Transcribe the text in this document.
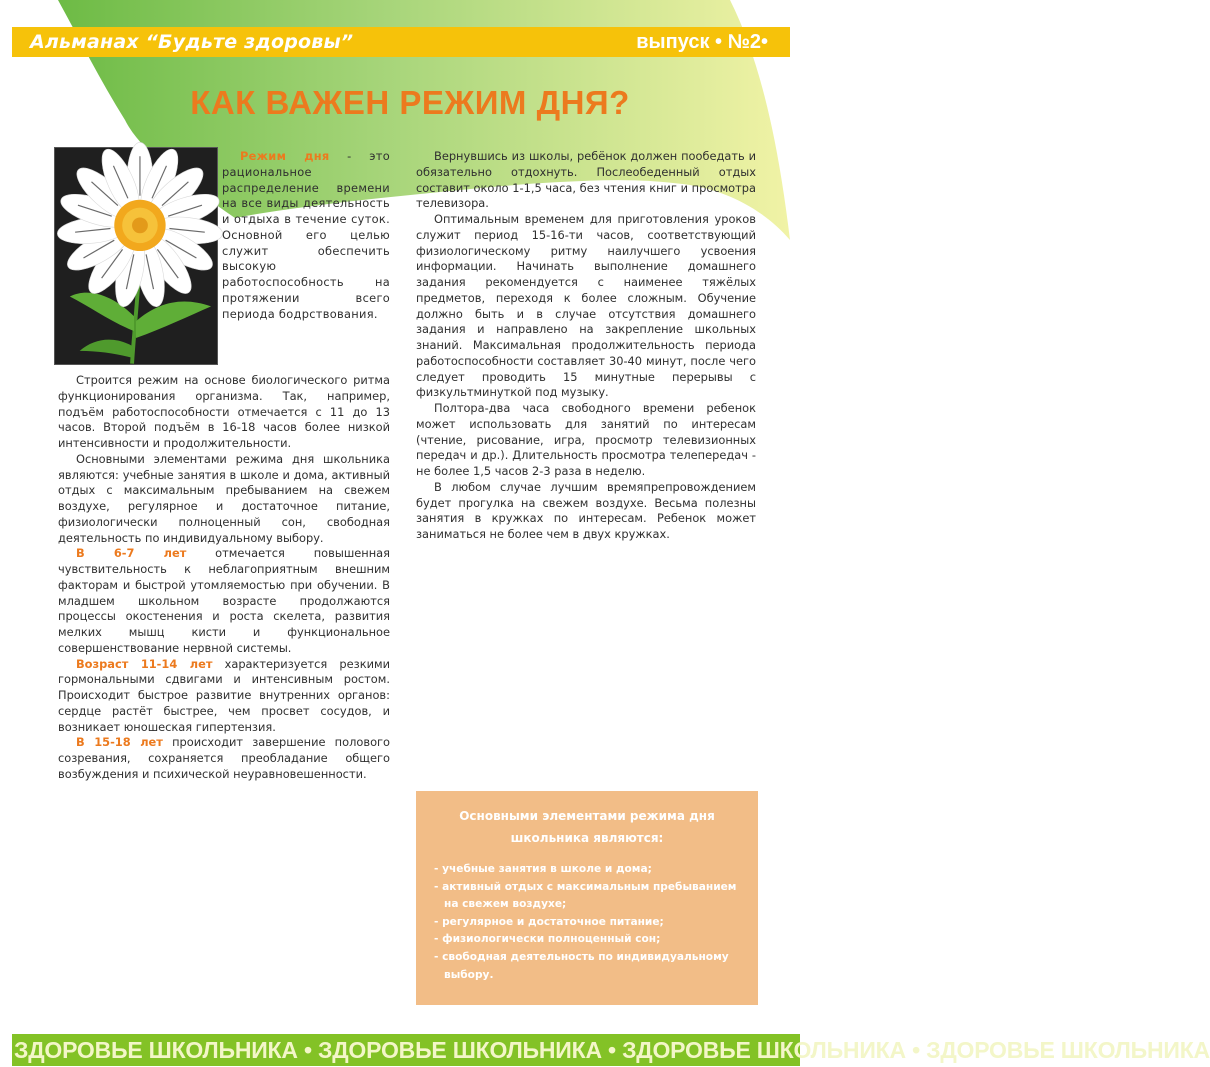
Альманах “Будьте здоровы”	выпуск • №2•
КАК ВАЖЕН РЕЖИМ ДНЯ?

Режим дня - это рациональное распределение времени на все виды деятельность и отдыха в течение суток. Основной его целью служит обеспечить высокую работоспособность на протяжении всего периода бодрствования.

Строится режим на основе биологического ритма функционирования организма. Так, например, подъём работоспособности отмечается с 11 до 13 часов. Второй подъём в 16-18 часов более низкой интенсивности и продолжительности.

Основными элементами режима дня школьника являются: учебные занятия в школе и дома, активный отдых с максимальным пребыванием на свежем воздухе, регулярное и достаточное питание, физиологически полноценный сон, свободная деятельность по индивидуальному выбору.

В 6-7 лет отмечается повышенная чувствительность к неблагоприятным внешним факторам и быстрой утомляемостью при обучении. В младшем школьном возрасте продолжаются процессы окостенения и роста скелета, развития мелких мышц кисти и функциональное совершенствование нервной системы.

Возраст 11-14 лет характеризуется резкими гормональными сдвигами и интенсивным ростом. Происходит быстрое развитие внутренних органов: сердце растёт быстрее, чем просвет сосудов, и возникает юношеская гипертензия.

В 15-18 лет происходит завершение полового созревания, сохраняется преобладание общего возбуждения и психической неуравновешенности.

Вернувшись из школы, ребёнок должен пообедать и обязательно отдохнуть. Послеобеденный отдых составит около 1-1,5 часа, без чтения книг и просмотра телевизора.

Оптимальным временем для приготовления уроков служит период 15-16-ти часов, соответствующий физиологическому ритму наилучшего усвоения информации. Начинать выполнение домашнего задания рекомендуется с наименее тяжёлых предметов, переходя к более сложным. Обучение должно быть и в случае отсутствия домашнего задания и направлено на закрепление школьных знаний. Максимальная продолжительность периода работоспособности составляет 30-40 минут, после чего следует проводить 15 минутные перерывы с физкультминуткой под музыку.

Полтора-два часа свободного времени ребенок может использовать для занятий по интересам (чтение, рисование, игра, просмотр телевизионных передач и др.). Длительность просмотра телепередач - не более 1,5 часов 2-3 раза в неделю.

В любом случае лучшим времяпрепровождением будет прогулка на свежем воздухе. Весьма полезны занятия в кружках по интересам. Ребенок может заниматься не более чем в двух кружках.

Основными элементами режима дня школьника являются:
- учебные занятия в школе и дома;
- активный отдых с максимальным пребыванием на свежем воздухе;
- регулярное и достаточное питание;
- физиологически полноценный сон;
- свободная деятельность по индивидуальному выбору.
ЗДОРОВЬЕ ШКОЛЬНИКА • ЗДОРОВЬЕ ШКОЛЬНИКА • ЗДОРОВЬЕ ШКОЛЬНИКА • ЗДОРОВЬЕ ШКОЛЬНИКА
